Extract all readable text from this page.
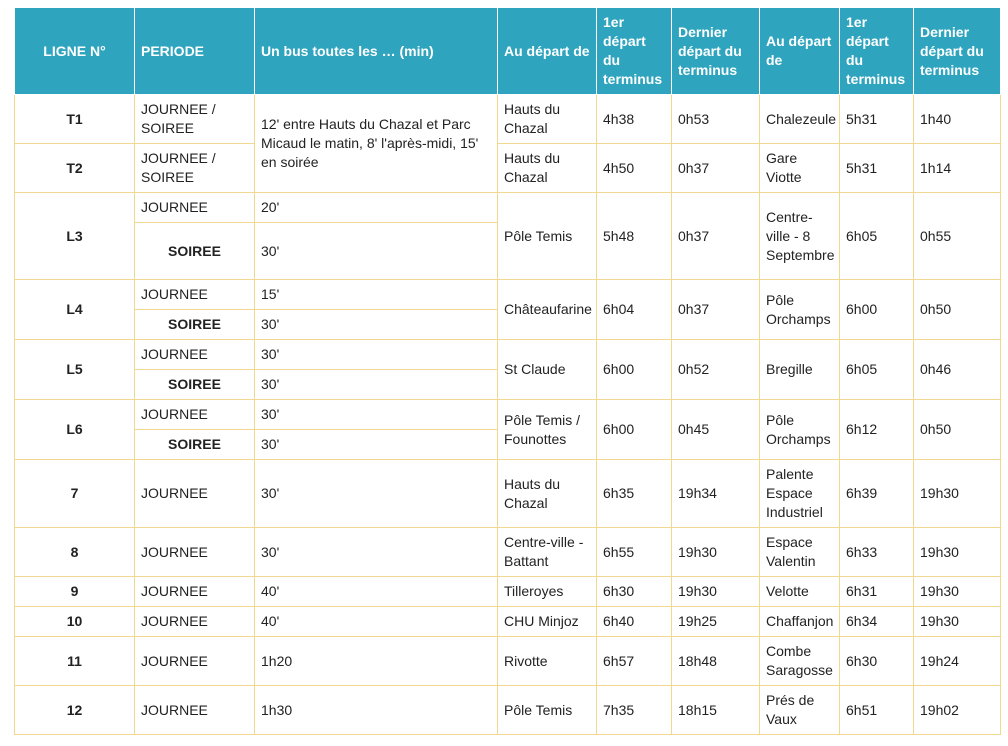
LIGNE N°	PERIODE	Un bus toutes les … (min)	Au départ de	1er départ du terminus	Dernier départ du terminus	Au départ de	1er départ du terminus	Dernier départ du terminus
T1	JOURNEE / SOIREE	12' entre Hauts du Chazal et Parc Micaud le matin, 8' l'après-midi, 15' en soirée	Hauts du Chazal	4h38	0h53	Chalezeule	5h31	1h40
T2	JOURNEE / SOIREE		Hauts du Chazal	4h50	0h37	Gare Viotte	5h31	1h14
L3	JOURNEE	20'	Pôle Temis	5h48	0h37	Centre-ville - 8 Septembre	6h05	0h55
	SOIREE	30'						
L4	JOURNEE	15'	Châteaufarine	6h04	0h37	Pôle Orchamps	6h00	0h50
	SOIREE	30'						
L5	JOURNEE	30'	St Claude	6h00	0h52	Bregille	6h05	0h46
	SOIREE	30'						
L6	JOURNEE	30'	Pôle Temis / Founottes	6h00	0h45	Pôle Orchamps	6h12	0h50
	SOIREE	30'						
7	JOURNEE	30'	Hauts du Chazal	6h35	19h34	Palente Espace Industriel	6h39	19h30
8	JOURNEE	30'	Centre-ville - Battant	6h55	19h30	Espace Valentin	6h33	19h30
9	JOURNEE	40'	Tilleroyes	6h30	19h30	Velotte	6h31	19h30
10	JOURNEE	40'	CHU Minjoz	6h40	19h25	Chaffanjon	6h34	19h30
11	JOURNEE	1h20	Rivotte	6h57	18h48	Combe Saragosse	6h30	19h24
12	JOURNEE	1h30	Pôle Temis	7h35	18h15	Prés de Vaux	6h51	19h02
